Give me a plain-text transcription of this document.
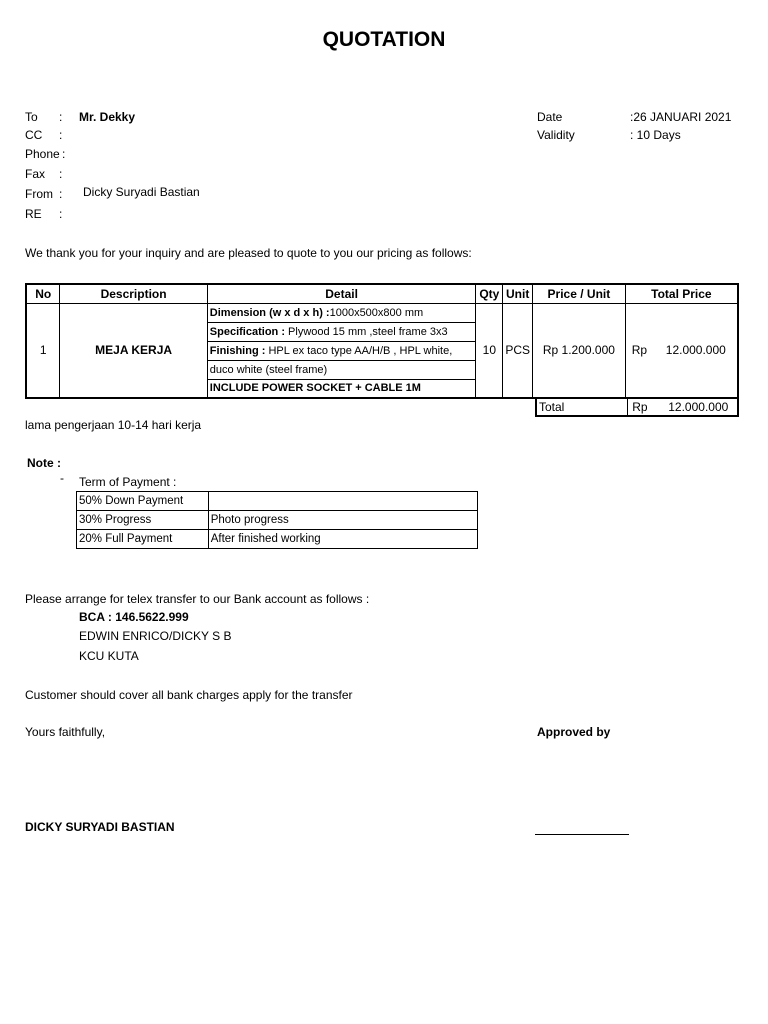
QUOTATION
To : Mr. Dekky
CC :
Phone :
Fax :
From : Dicky Suryadi Bastian
RE :
Date	:26 JANUARI 2021
Validity	: 10 Days
We thank you for your inquiry and are pleased to quote to you our pricing as follows:
No	Description	Detail	Qty	Unit	Price / Unit	Total Price
1	MEJA KERJA	Dimension (w x d x h) :1000x500x800 mm	10	PCS	Rp 1.200.000	Rp 12.000.000
		Specification : Plywood 15 mm ,steel frame 3x3				
		Finishing : HPL ex taco type AA/H/B , HPL white,				
		duco white (steel frame)				
		INCLUDE POWER SOCKET + CABLE 1M				
Total	Rp 12.000.000
lama pengerjaan 10-14 hari kerja
Note :
- Term of Payment :
50% Down Payment	
30% Progress	Photo progress
20% Full Payment	After finished working
Please arrange for telex transfer to our Bank account as follows :
BCA : 146.5622.999
EDWIN ENRICO/DICKY S B
KCU KUTA
Customer should cover all bank charges apply for the transfer
Yours faithfully,	Approved by
DICKY SURYADI BASTIAN
